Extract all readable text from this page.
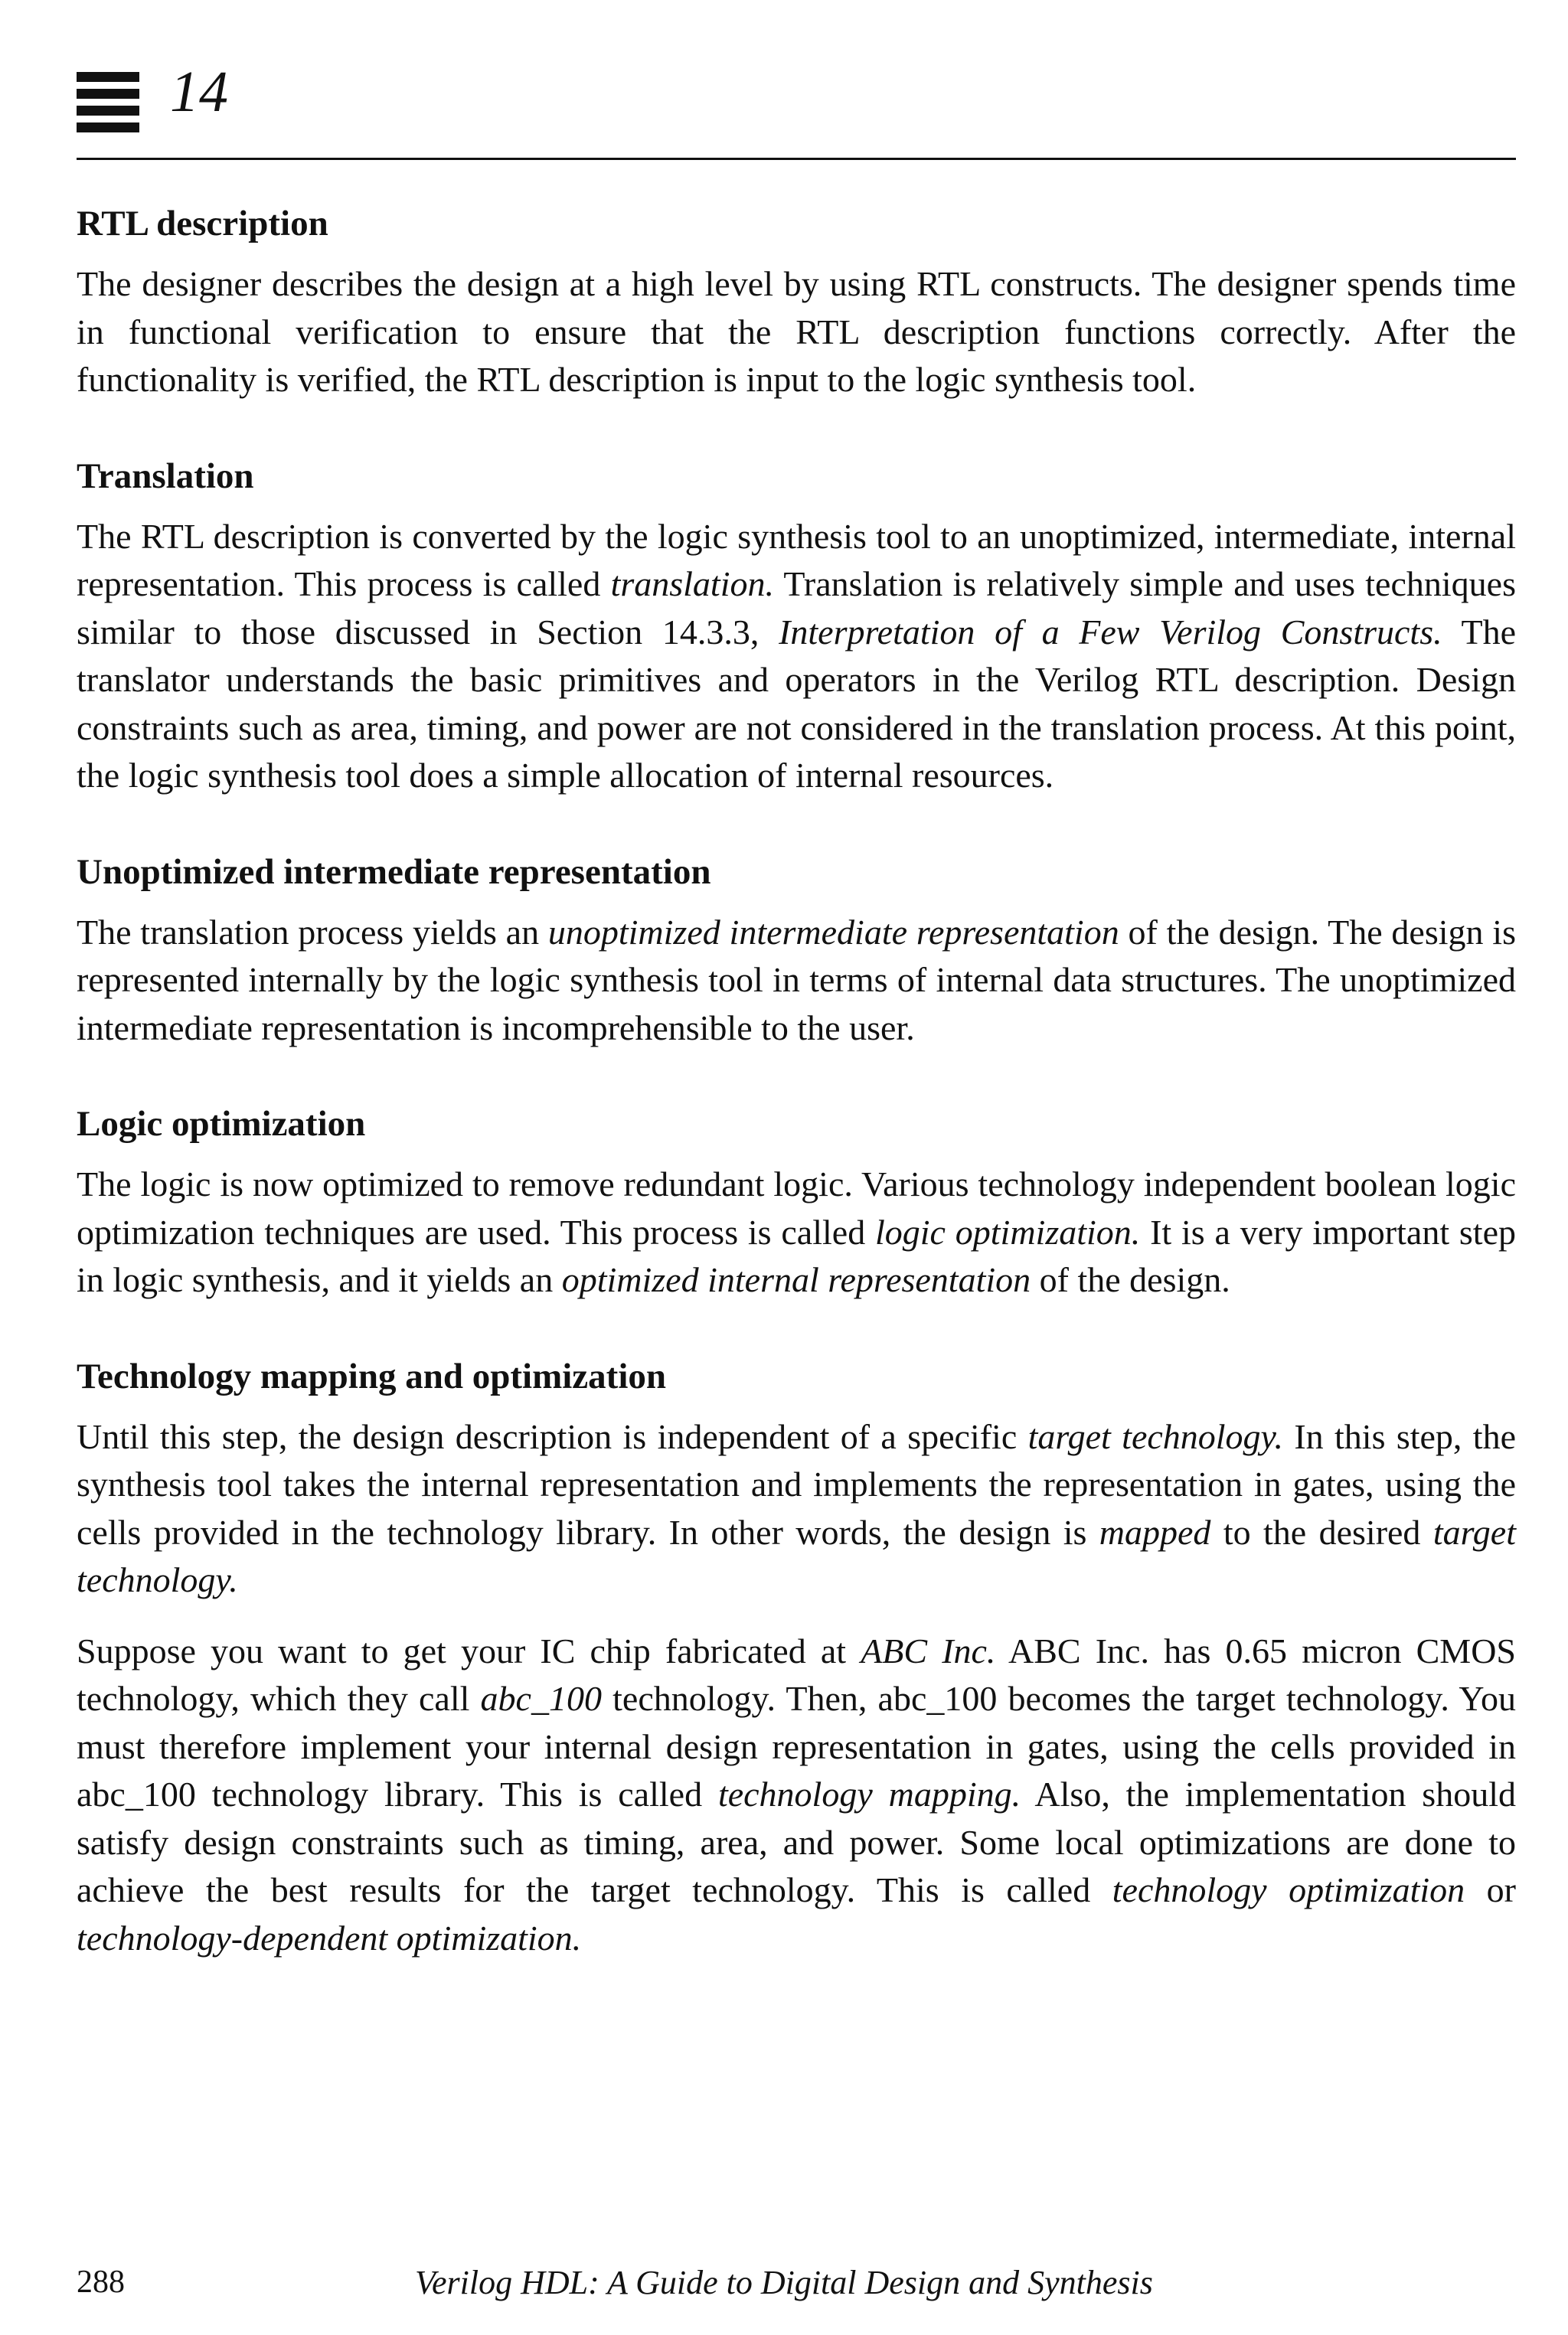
14
RTL description

The designer describes the design at a high level by using RTL constructs. The designer spends time in functional verification to ensure that the RTL description functions correctly. After the functionality is verified, the RTL description is input to the logic synthesis tool.

Translation

The RTL description is converted by the logic synthesis tool to an unoptimized, intermediate, internal representation. This process is called translation. Translation is relatively simple and uses techniques similar to those discussed in Section 14.3.3, Interpretation of a Few Verilog Constructs. The translator understands the basic primitives and operators in the Verilog RTL description. Design constraints such as area, timing, and power are not considered in the translation process. At this point, the logic synthesis tool does a simple allocation of internal resources.

Unoptimized intermediate representation

The translation process yields an unoptimized intermediate representation of the design. The design is represented internally by the logic synthesis tool in terms of internal data structures. The unoptimized intermediate representation is incomprehensible to the user.

Logic optimization

The logic is now optimized to remove redundant logic. Various technology independent boolean logic optimization techniques are used. This process is called logic optimization. It is a very important step in logic synthesis, and it yields an optimized internal representation of the design.

Technology mapping and optimization

Until this step, the design description is independent of a specific target technology. In this step, the synthesis tool takes the internal representation and implements the representation in gates, using the cells provided in the technology library. In other words, the design is mapped to the desired target technology.

Suppose you want to get your IC chip fabricated at ABC Inc. ABC Inc. has 0.65 micron CMOS technology, which they call abc_100 technology. Then, abc_100 becomes the target technology. You must therefore implement your internal design representation in gates, using the cells provided in abc_100 technology library. This is called technology mapping. Also, the implementation should satisfy design constraints such as timing, area, and power. Some local optimizations are done to achieve the best results for the target technology. This is called technology optimization or technology-dependent optimization.

288	Verilog HDL: A Guide to Digital Design and Synthesis
